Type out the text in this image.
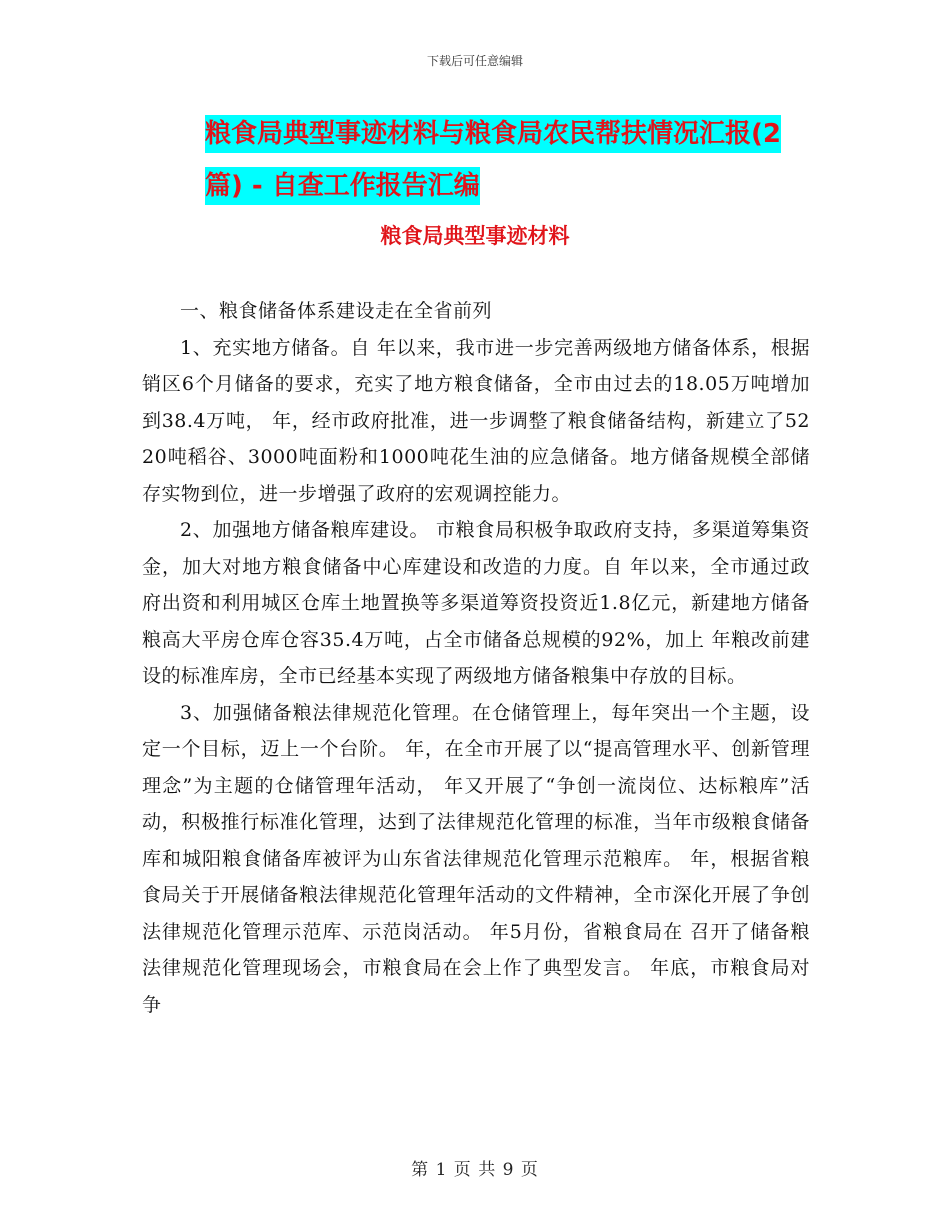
下载后可任意编辑
粮食局典型事迹材料与粮食局农民帮扶情况汇报(2
篇) - 自查工作报告汇编
粮食局典型事迹材料

一、粮食储备体系建设走在全省前列

1、充实地方储备。自 年以来，我市进一步完善两级地方储备体系，根据销区6个月储备的要求，充实了地方粮食储备，全市由过去的18.05万吨增加到38.4万吨， 年，经市政府批准，进一步调整了粮食储备结构，新建立了5220吨稻谷、3000吨面粉和1000吨花生油的应急储备。地方储备规模全部储存实物到位，进一步增强了政府的宏观调控能力。

2、加强地方储备粮库建设。 市粮食局积极争取政府支持，多渠道筹集资金，加大对地方粮食储备中心库建设和改造的力度。自 年以来，全市通过政府出资和利用城区仓库土地置换等多渠道筹资投资近1.8亿元，新建地方储备粮高大平房仓库仓容35.4万吨，占全市储备总规模的92%，加上 年粮改前建设的标准库房，全市已经基本实现了两级地方储备粮集中存放的目标。

3、加强储备粮法律规范化管理。在仓储管理上，每年突出一个主题，设定一个目标，迈上一个台阶。 年，在全市开展了以“提高管理水平、创新管理理念”为主题的仓储管理年活动， 年又开展了“争创一流岗位、达标粮库”活动，积极推行标准化管理，达到了法律规范化管理的标准，当年市级粮食储备库和城阳粮食储备库被评为山东省法律规范化管理示范粮库。 年，根据省粮食局关于开展储备粮法律规范化管理年活动的文件精神，全市深化开展了争创法律规范化管理示范库、示范岗活动。 年5月份，省粮食局在 召开了储备粮法律规范化管理现场会，市粮食局在会上作了典型发言。 年底，市粮食局对争

第 1 页 共 9 页
